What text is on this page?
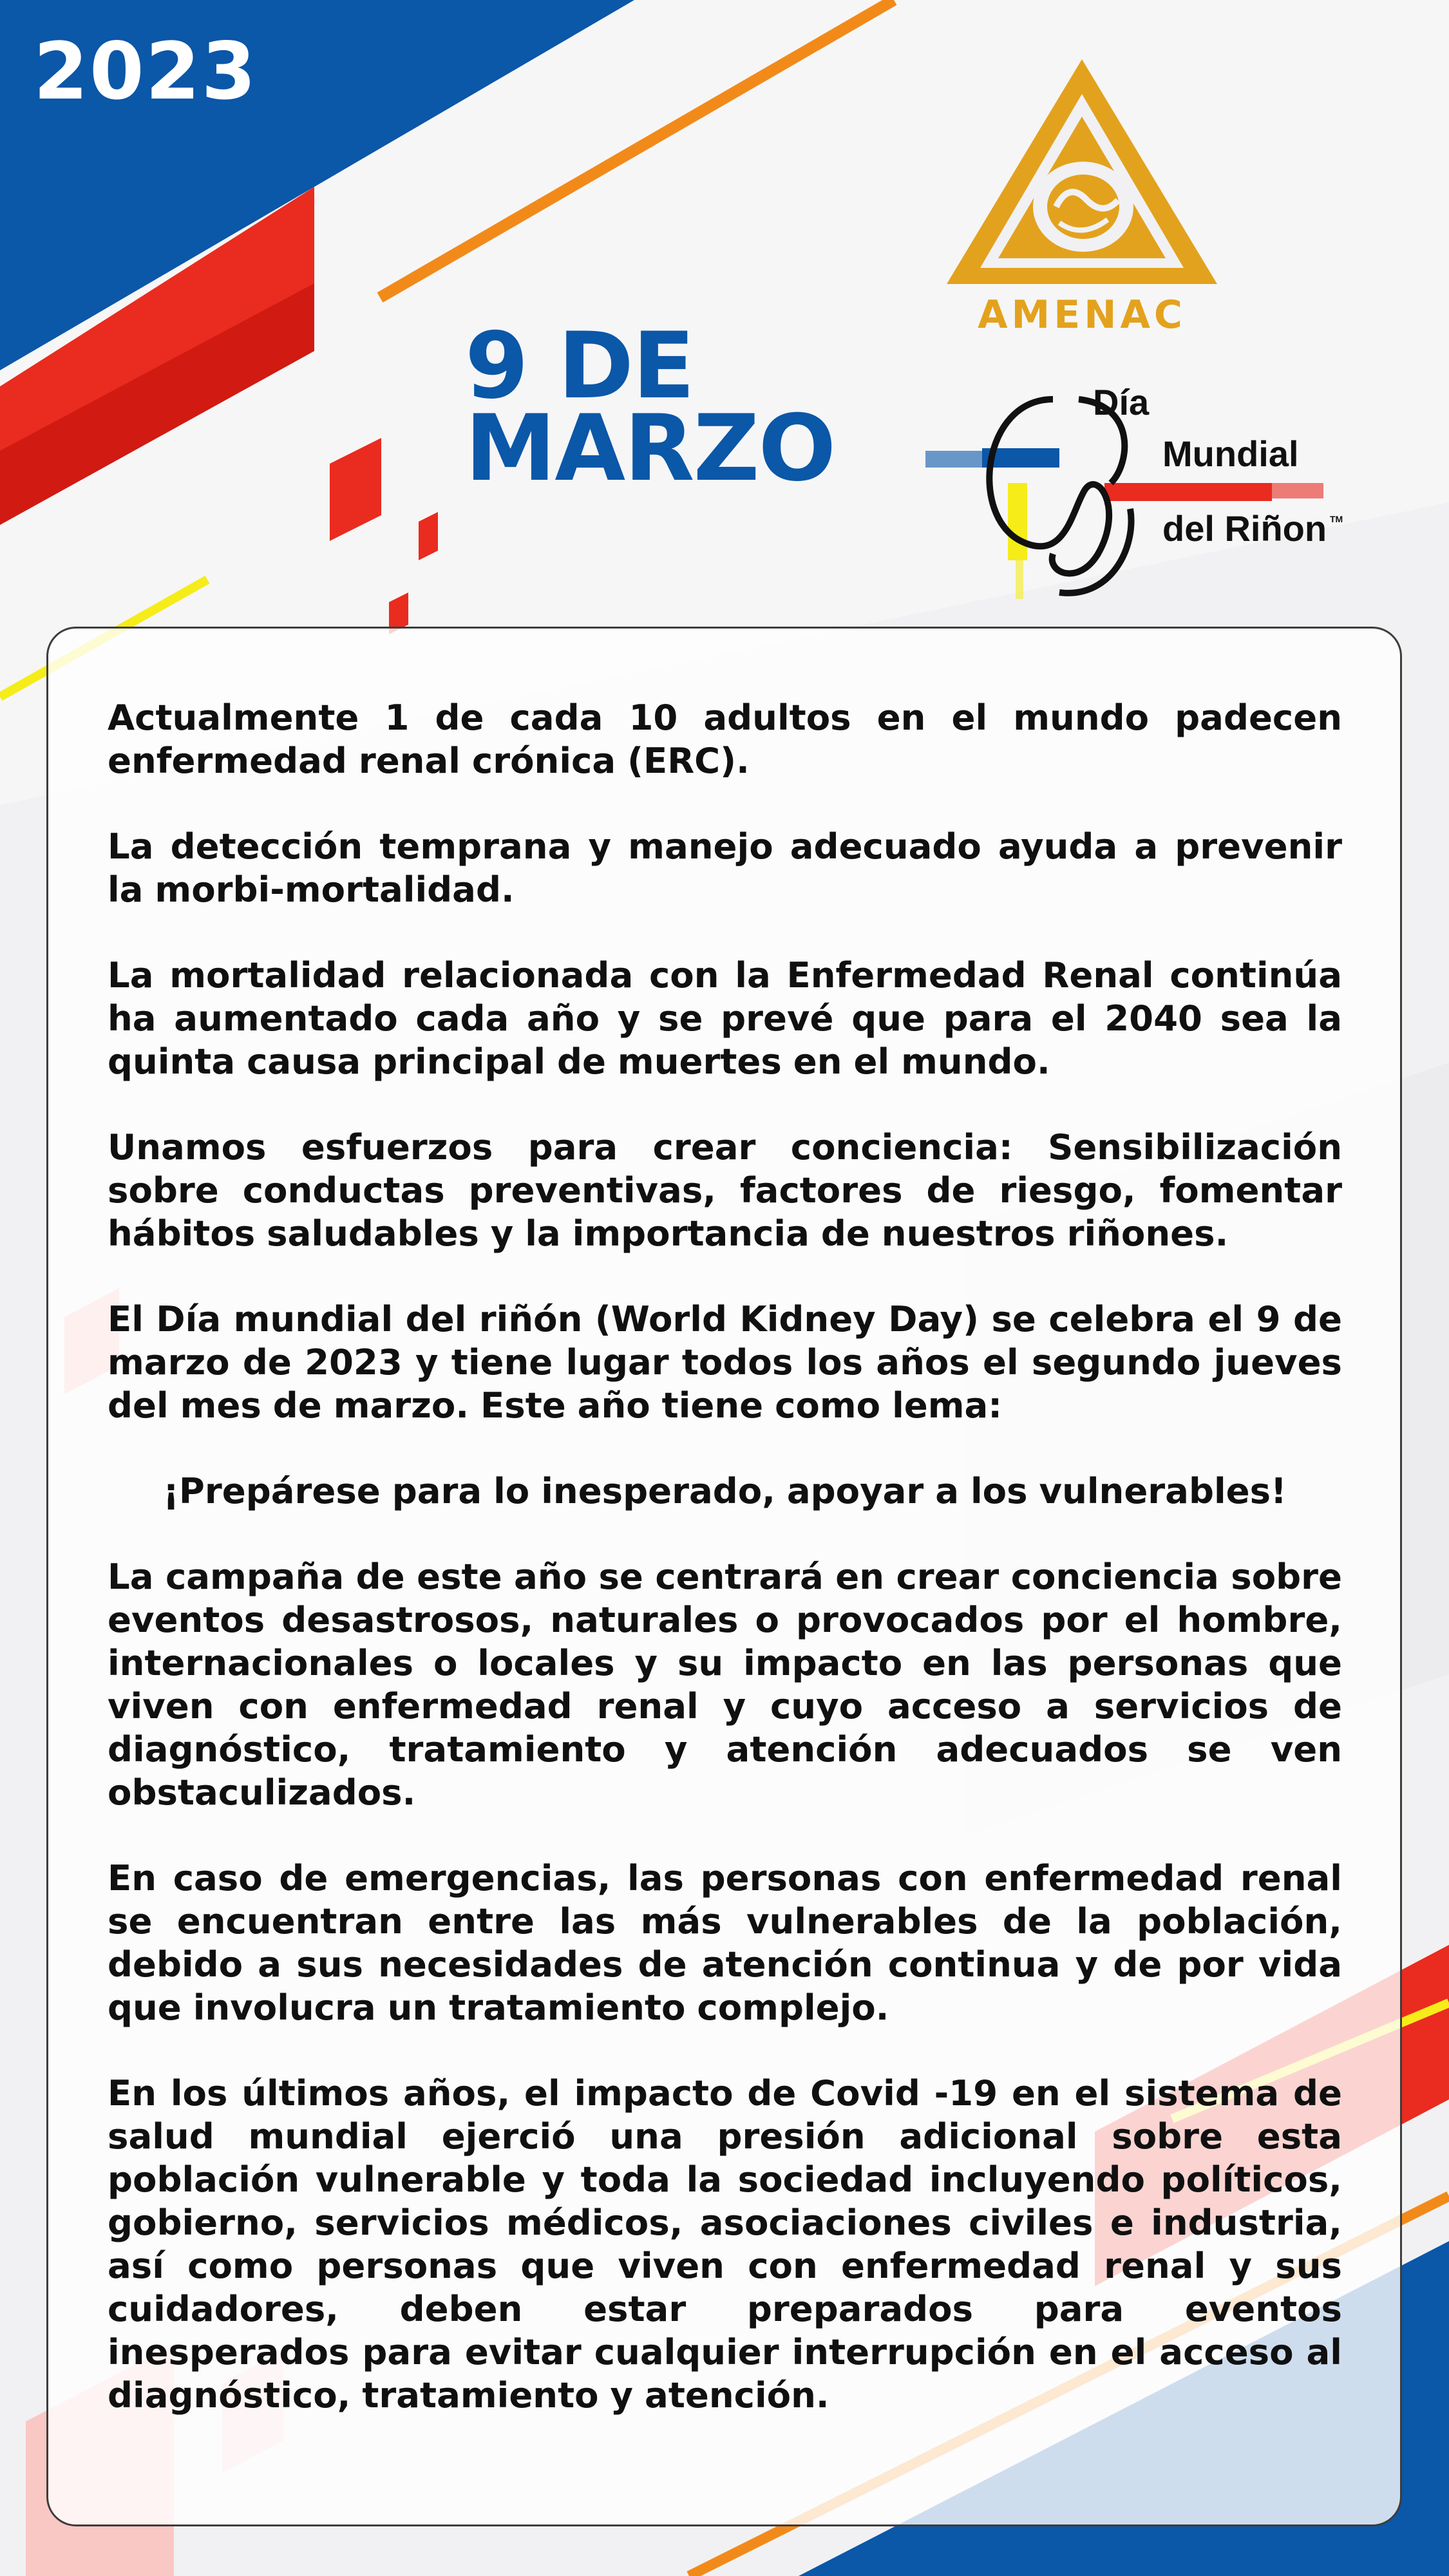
2023
9 DE
MARZO
AMENAC
Día
Mundial
del Riñon TM

Actualmente 1 de cada 10 adultos en el mundo padecen enfermedad renal crónica (ERC).

La detección temprana y manejo adecuado ayuda a prevenir la morbi-mortalidad.

La mortalidad relacionada con la Enfermedad Renal continúa ha aumentado cada año y se prevé que para el 2040 sea la quinta causa principal de muertes en el mundo.

Unamos esfuerzos para crear conciencia: Sensibilización sobre conductas preventivas, factores de riesgo, fomentar hábitos saludables y la importancia de nuestros riñones.

El Día mundial del riñón (World Kidney Day) se celebra el 9 de marzo de 2023 y tiene lugar todos los años el segundo jueves del mes de marzo. Este año tiene como lema:

¡Prepárese para lo inesperado, apoyar a los vulnerables!

La campaña de este año se centrará en crear conciencia sobre eventos desastrosos, naturales o provocados por el hombre, internacionales o locales y su impacto en las personas que viven con enfermedad renal y cuyo acceso a servicios de diagnóstico, tratamiento y atención adecuados se ven obstaculizados.

En caso de emergencias, las personas con enfermedad renal se encuentran entre las más vulnerables de la población, debido a sus necesidades de atención continua y de por vida que involucra un tratamiento complejo.

En los últimos años, el impacto de Covid -19 en el sistema de salud mundial ejerció una presión adicional sobre esta población vulnerable y toda la sociedad incluyendo políticos, gobierno, servicios médicos, asociaciones civiles e industria, así como personas que viven con enfermedad renal y sus cuidadores, deben estar preparados para eventos inesperados para evitar cualquier interrupción en el acceso al diagnóstico, tratamiento y atención.
